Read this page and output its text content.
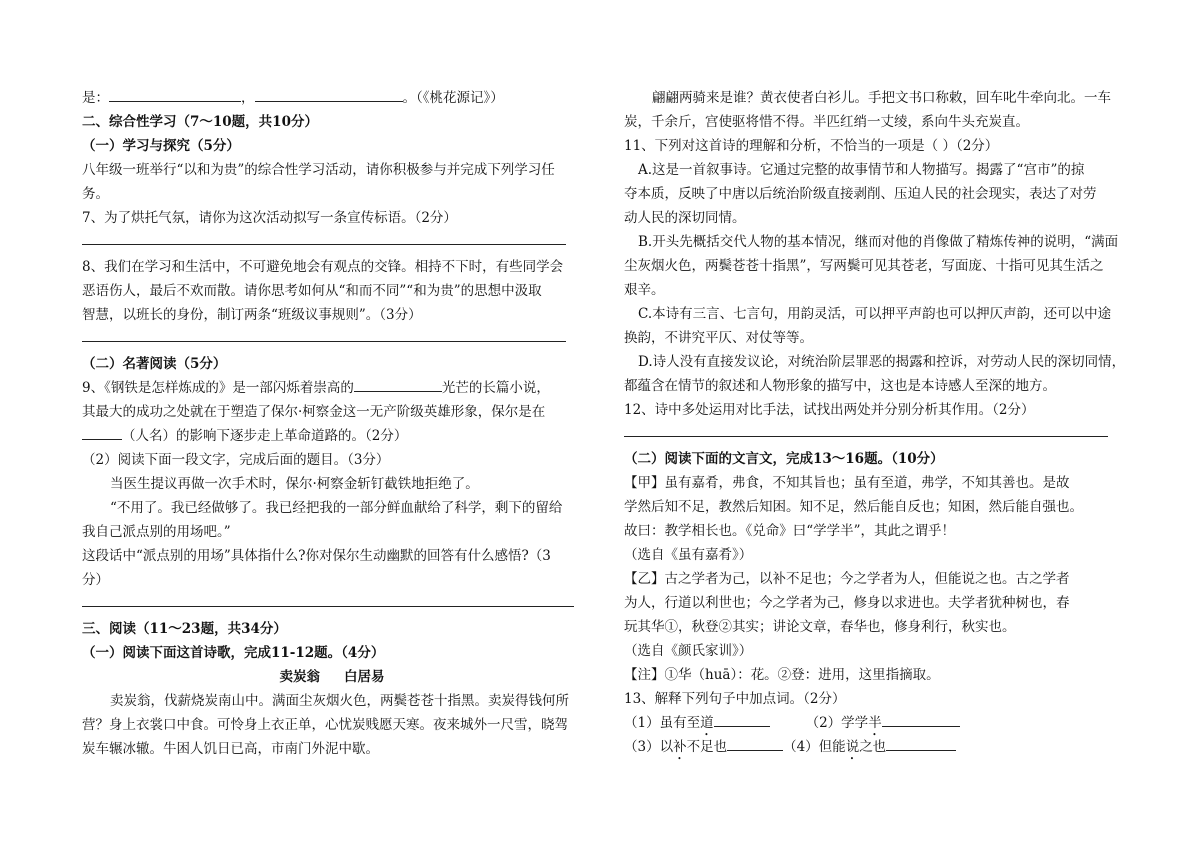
是：	，	。（《桃花源记》）
二、综合性学习（7～10题，共10分）
（一）学习与探究（5分）
八年级一班举行“以和为贵”的综合性学习活动，请你积极参与并完成下列学习任
务。
7、为了烘托气氛，请你为这次活动拟写一条宣传标语。（2分）
8、我们在学习和生活中，不可避免地会有观点的交锋。相持不下时，有些同学会
恶语伤人，最后不欢而散。请你思考如何从“和而不同”“和为贵”的思想中汲取
智慧，以班长的身份，制订两条“班级议事规则”。（3分）
（二）名著阅读（5分）
9、《钢铁是怎样炼成的》是一部闪烁着崇高的	光芒的长篇小说，
其最大的成功之处就在于塑造了保尔·柯察金这一无产阶级英雄形象，保尔是在
（人名）的影响下逐步走上革命道路的。（2分）
（2）阅读下面一段文字，完成后面的题目。（3分）
当医生提议再做一次手术时，保尔·柯察金斩钉截铁地拒绝了。
“不用了。我已经做够了。我已经把我的一部分鲜血献给了科学，剩下的留给
我自己派点别的用场吧。”
这段话中“派点别的用场”具体指什么?你对保尔生动幽默的回答有什么感悟?（3
分）
三、阅读（11～23题，共34分）
（一）阅读下面这首诗歌，完成11-12题。（4分）
卖炭翁 白居易
卖炭翁，伐薪烧炭南山中。满面尘灰烟火色，两鬓苍苍十指黑。卖炭得钱何所
营？身上衣裳口中食。可怜身上衣正单，心忧炭贱愿天寒。夜来城外一尺雪，晓驾
炭车辗冰辙。牛困人饥日已高，市南门外泥中歇。
翩翩两骑来是谁？黄衣使者白衫儿。手把文书口称敕，回车叱牛牵向北。一车
炭，千余斤，宫使驱将惜不得。半匹红绡一丈绫，系向牛头充炭直。
11、下列对这首诗的理解和分析，不恰当的一项是（ ）（2分）
A.这是一首叙事诗。它通过完整的故事情节和人物描写。揭露了“宫市”的掠
夺本质，反映了中唐以后统治阶级直接剥削、压迫人民的社会现实，表达了对劳
动人民的深切同情。
B.开头先概括交代人物的基本情况，继而对他的肖像做了精炼传神的说明，“满面
尘灰烟火色，两鬓苍苍十指黑”，写两鬓可见其苍老，写面庞、十指可见其生活之
艰辛。
C.本诗有三言、七言句，用韵灵活，可以押平声韵也可以押仄声韵，还可以中途
换韵，不讲究平仄、对仗等等。
D.诗人没有直接发议论，对统治阶层罪恶的揭露和控诉，对劳动人民的深切同情，
都蕴含在情节的叙述和人物形象的描写中，这也是本诗感人至深的地方。
12、诗中多处运用对比手法，试找出两处并分别分析其作用。（2分）
（二）阅读下面的文言文，完成13～16题。（10分）
【甲】虽有嘉肴，弗食，不知其旨也；虽有至道，弗学，不知其善也。是故
学然后知不足，教然后知困。知不足，然后能自反也；知困，然后能自强也。
故曰：教学相长也。《兑命》曰“学学半”，其此之谓乎！
（选自《虽有嘉肴》）
【乙】古之学者为己，以补不足也；今之学者为人，但能说之也。古之学者
为人，行道以利世也；今之学者为己，修身以求进也。夫学者犹种树也，春
玩其华①，秋登②其实；讲论文章，春华也，修身利行，秋实也。
（选自《颜氏家训》）
【注】①华（huā）：花。②登：进用，这里指摘取。
13、解释下列句子中加点词。（2分）
（1）虽有至道	（2）学学半
（3）以补不足也	（4）但能说之也
